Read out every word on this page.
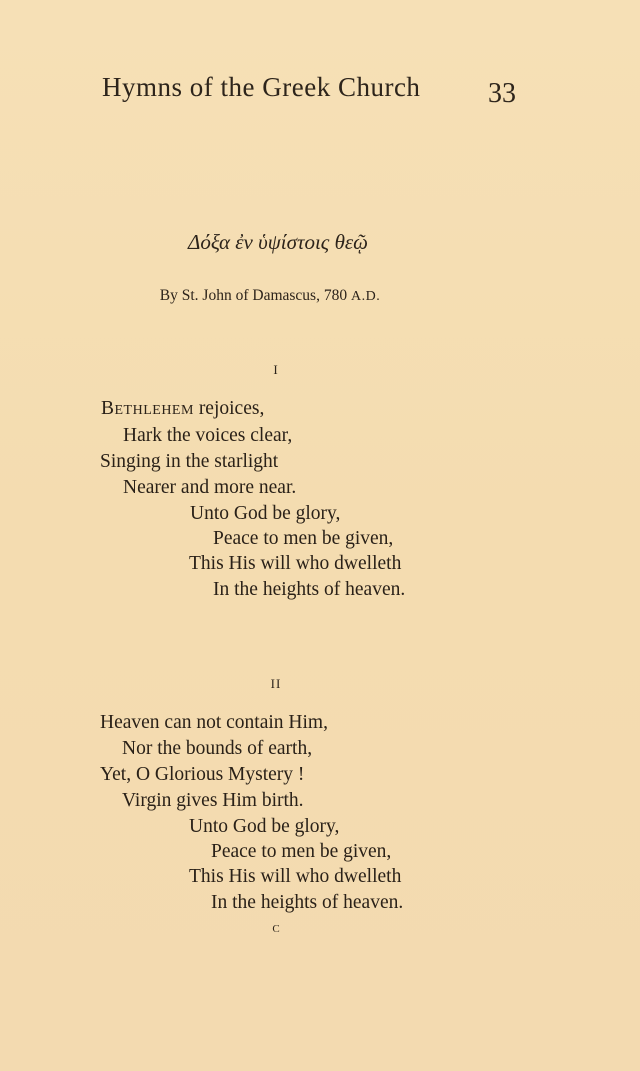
Hymns of the Greek Church 33
Δόξα ἐν ὑψίστοις θεῷ
By St. John of Damascus, 780 A.D.
I
Bethlehem rejoices,
Hark the voices clear,
Singing in the starlight
Nearer and more near.
Unto God be glory,
Peace to men be given,
This His will who dwelleth
In the heights of heaven.
II
Heaven can not contain Him,
Nor the bounds of earth,
Yet, O Glorious Mystery !
Virgin gives Him birth.
Unto God be glory,
Peace to men be given,
This His will who dwelleth
In the heights of heaven.
c
